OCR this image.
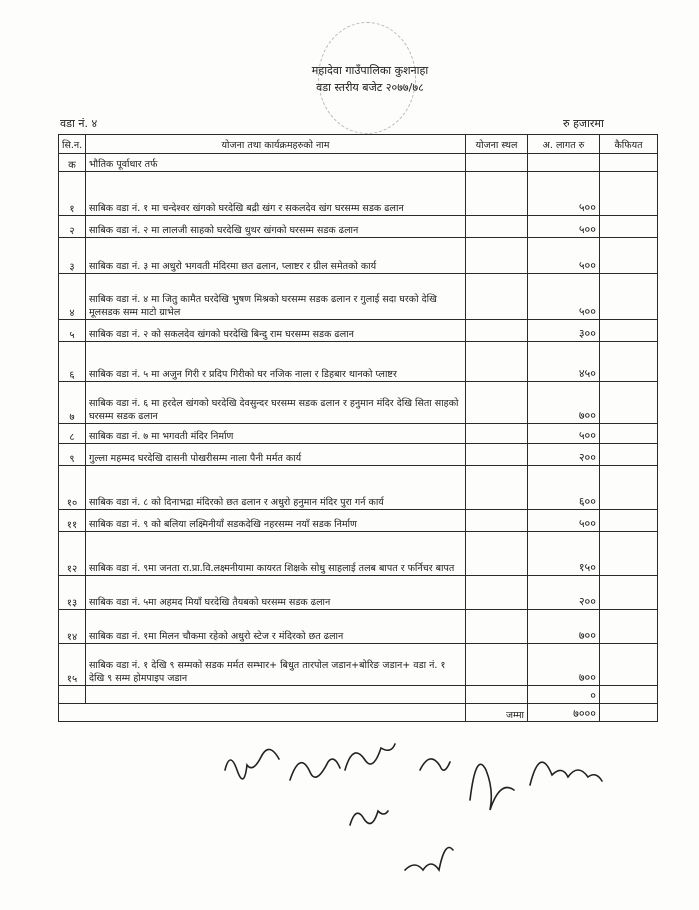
महादेवा गाउँपालिका कुशनाहा
वडा स्तरीय बजेट २०७७/७८
वडा नं. ४	रु हजारमा
सि.न.	योजना तथा कार्यक्रमहरुको नाम	योजना स्थल	अ. लागत रु	कैफियत
क	भौतिक पूर्वाधार तर्फ			
१	साबिक वडा नं. १ मा चन्देश्वर खंगको घरदेखि बद्री खंग र सकलदेव खंग घरसम्म सडक ढलान		५००	
२	साबिक वडा नं. २ मा लालजी साहको घरदेखि धुथर खंगको घरसम्म सडक ढलान		५००	
३	साबिक वडा नं. ३ मा अधुरो भगवती मंदिरमा छत ढलान, प्लाष्टर र ग्रील समेतको कार्य		५००	
४	साबिक वडा नं. ४ मा जितु कामैत घरदेखि भुषण मिश्रको घरसम्म सडक ढलान र गुलाई सदा घरको देखि मूलसडक सम्म माटो ग्राभेल		५००	
५	साबिक वडा नं. २ को सकलदेव खंगको घरदेखि बिन्दु राम घरसम्म सडक ढलान		३००	
६	साबिक वडा नं. ५ मा अजुन गिरी र प्रदिप गिरीको घर नजिक नाला र डिहबार थानको प्लाष्टर		४५०	
७	साबिक वडा नं. ६ मा हरदेल खंगको घरदेखि देवसुन्दर घरसम्म सडक ढलान र हनुमान मंदिर देखि सिता साहको घरसम्म सडक ढलान		७००	
८	साबिक वडा नं. ७ मा भगवती मंदिर निर्माण		५००	
९	गुल्ला महम्मद घरदेखि दासनी पोखरीसम्म नाला पैनी मर्मत कार्य		२००	
१०	साबिक वडा नं. ८ को दिनाभद्रा मंदिरको छत ढलान र अधुरो हनुमान मंदिर पुरा गर्न कार्य		६००	
११	साबिक वडा नं. ९ को बलिया लक्ष्मिनीयाँ सडकदेखि नहरसम्म नयाँ सडक निर्माण		५००	
१२	साबिक वडा नं. ९मा जनता रा.प्रा.वि.लक्ष्मनीयामा कायरत शिक्षके सोधु साहलाई तलब बापत र फर्निचर बापत		१५०	
१३	साबिक वडा नं. ५मा अहमद मियाँ घरदेखि तैयबको घरसम्म सडक ढलान		२००	
१४	साबिक वडा नं. १मा मिलन चौकमा रहेको अधुरो स्टेज र मंदिरको छत ढलान		७००	
१५	साबिक वडा नं. १ देखि ९ सम्मको सडक मर्मत सम्भार+ बिधुत तारपोल जडान+बोरिङ जडान+ वडा नं. १ देखि ९ सम्म होमपाइप जडान		७००	
			०	
		जम्मा	७०००	
